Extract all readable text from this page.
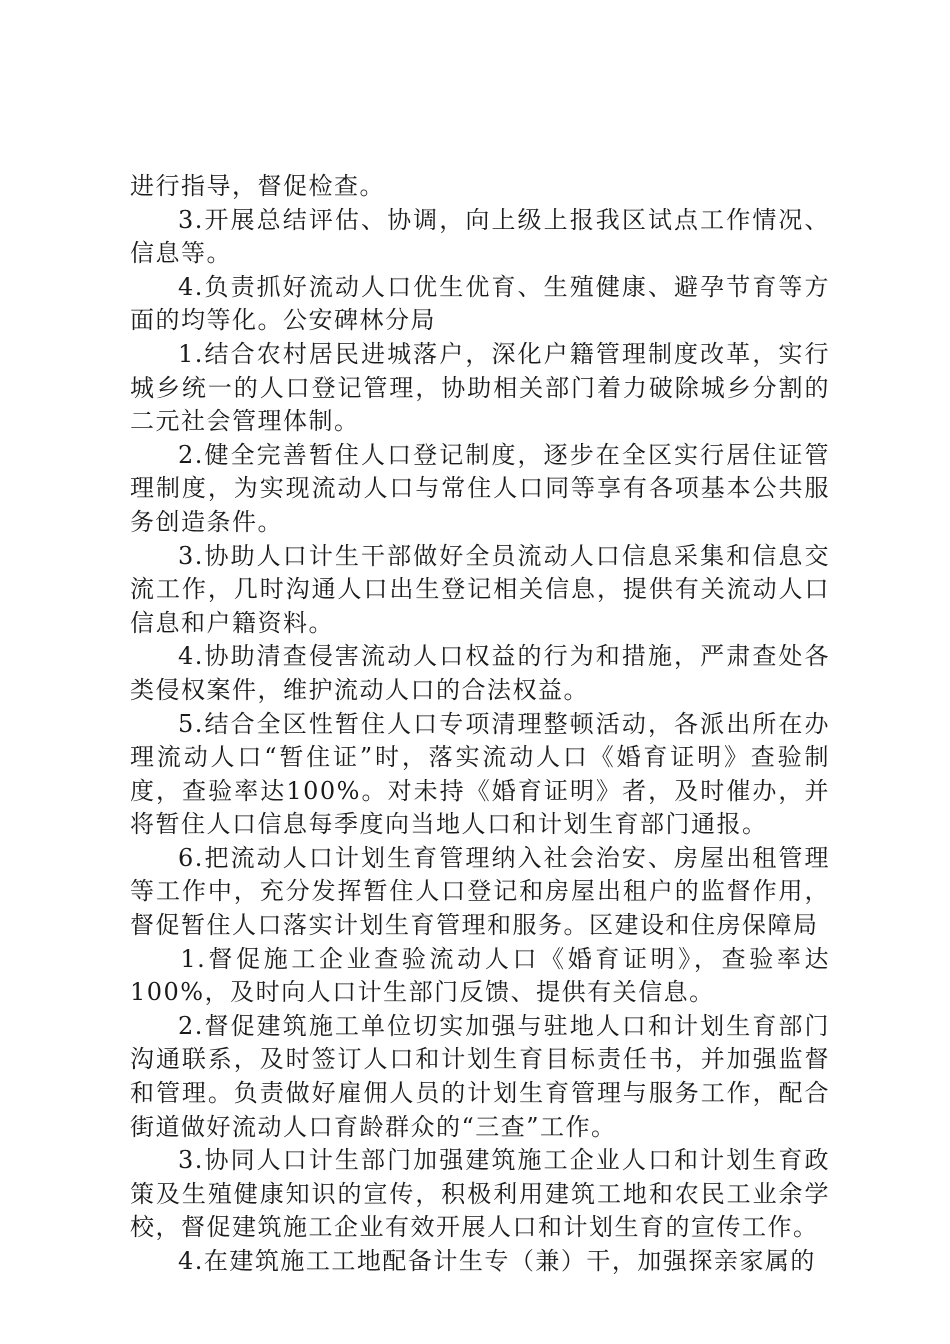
进行指导，督促检查。

3.开展总结评估、协调，向上级上报我区试点工作情况、信息等。

4.负责抓好流动人口优生优育、生殖健康、避孕节育等方面的均等化。公安碑林分局

1.结合农村居民进城落户，深化户籍管理制度改革，实行城乡统一的人口登记管理，协助相关部门着力破除城乡分割的二元社会管理体制。

2.健全完善暂住人口登记制度，逐步在全区实行居住证管理制度，为实现流动人口与常住人口同等享有各项基本公共服务创造条件。

3.协助人口计生干部做好全员流动人口信息采集和信息交流工作，几时沟通人口出生登记相关信息，提供有关流动人口信息和户籍资料。

4.协助清查侵害流动人口权益的行为和措施，严肃查处各类侵权案件，维护流动人口的合法权益。

5.结合全区性暂住人口专项清理整顿活动，各派出所在办理流动人口“暂住证”时，落实流动人口《婚育证明》查验制度，查验率达100%。对未持《婚育证明》者，及时催办，并将暂住人口信息每季度向当地人口和计划生育部门通报。

6.把流动人口计划生育管理纳入社会治安、房屋出租管理等工作中，充分发挥暂住人口登记和房屋出租户的监督作用，督促暂住人口落实计划生育管理和服务。区建设和住房保障局

1.督促施工企业查验流动人口《婚育证明》，查验率达100%，及时向人口计生部门反馈、提供有关信息。

2.督促建筑施工单位切实加强与驻地人口和计划生育部门沟通联系，及时签订人口和计划生育目标责任书，并加强监督和管理。负责做好雇佣人员的计划生育管理与服务工作，配合街道做好流动人口育龄群众的“三查”工作。

3.协同人口计生部门加强建筑施工企业人口和计划生育政策及生殖健康知识的宣传，积极利用建筑工地和农民工业余学校，督促建筑施工企业有效开展人口和计划生育的宣传工作。

4.在建筑施工工地配备计生专（兼）干，加强探亲家属的
